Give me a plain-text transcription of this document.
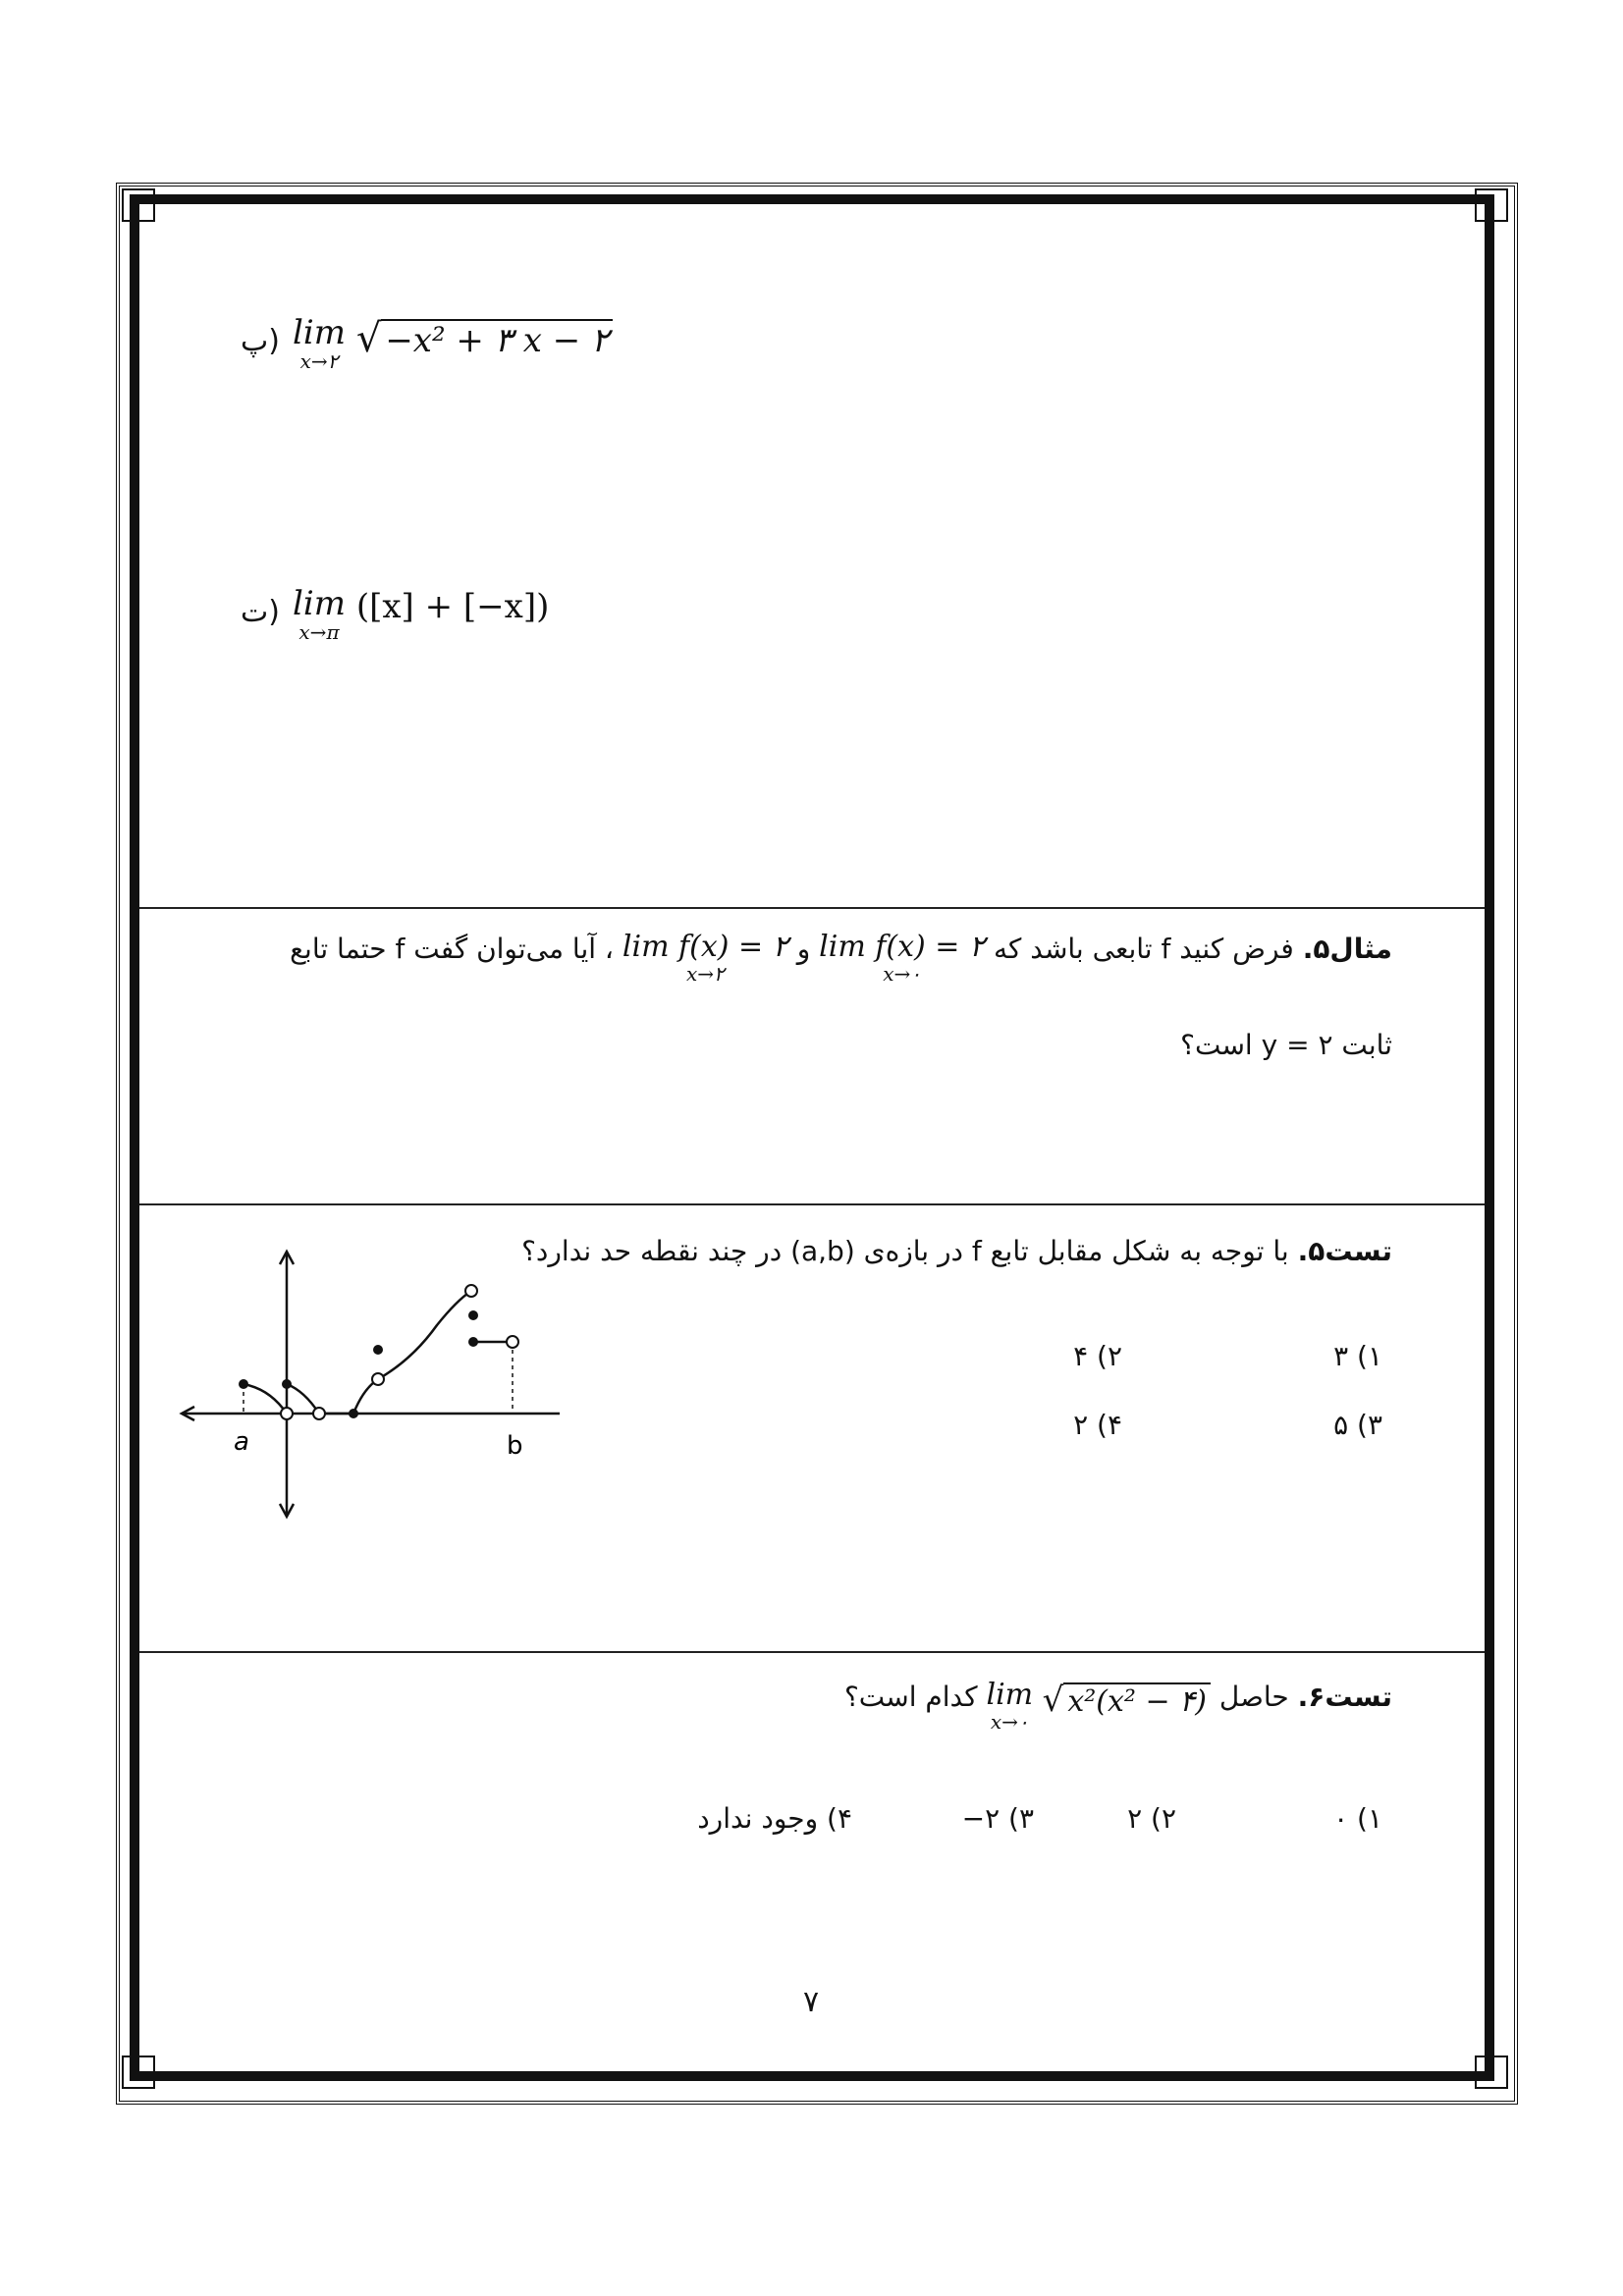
پ) lim
x→۲ √ −x² + ۳ x − ۲
ت) lim
x→π
([x] + [−x])
مثال۵. فرض کنید f تابعی باشد که
lim f(x) = ۲
x→۰
و
lim f(x) = ۲
x→۲
، آیا می‌توان گفت f حتما تابع
ثابت y = ۲ است؟
تست۵. با توجه به شکل مقابل تابع f در بازه‌ی (a,b) در چند نقطه حد ندارد؟
۱) ۳
۲) ۴
۳) ۵
۴) ۲
a	b
تست۶. حاصل
lim
x→۰
√ x²(x² − ۴) کدام است؟
۱) ۰
۲) ۲
۳) ۲−
۴) وجود ندارد
۷
